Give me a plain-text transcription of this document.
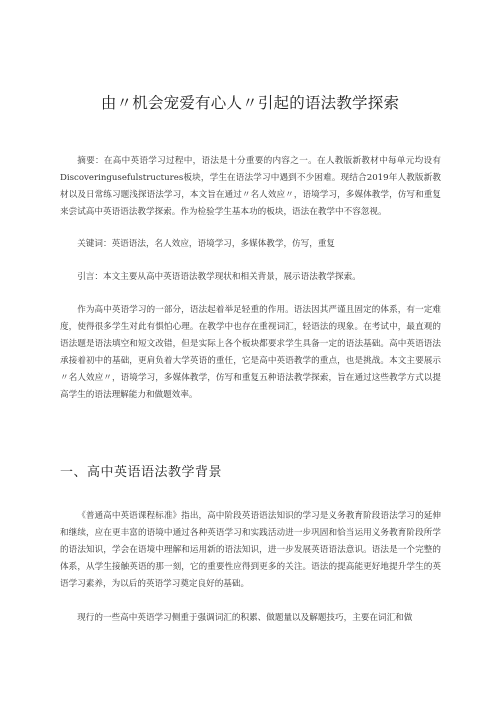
由〃机会宠爱有心人〃引起的语法教学探索
摘要：在高中英语学习过程中，语法是十分重要的内容之一。在人教版新教材中每单元均设有Discoveringusefulstructures板块，学生在语法学习中遇到不少困难。现结合2019年人教版新教材以及日常练习题浅探语法学习，本文旨在通过〃名人效应〃，语境学习，多媒体教学，仿写和重复来尝试高中英语语法教学探索。作为检验学生基本功的板块，语法在教学中不容忽视。
关键词：英语语法，名人效应，语境学习，多媒体教学，仿写，重复
引言：本文主要从高中英语语法教学现状和相关背景，展示语法教学探索。
作为高中英语学习的一部分，语法起着举足轻重的作用。语法因其严谨且固定的体系，有一定难度，使得很多学生对此有惧怕心理。在教学中也存在重视词汇，轻语法的现象。在考试中，最直观的语法题是语法填空和短文改错，但是实际上各个板块都要求学生具备一定的语法基础。高中英语语法承接着初中的基础，更肩负着大学英语的重任，它是高中英语教学的重点，也是挑战。本文主要展示〃名人效应〃，语境学习，多媒体教学，仿写和重复五种语法教学探索，旨在通过这些教学方式以提高学生的语法理解能力和做题效率。
一、高中英语语法教学背景
《普通高中英语课程标准》指出，高中阶段英语语法知识的学习是义务教育阶段语法学习的延伸和继续，应在更丰富的语境中通过各种英语学习和实践活动进一步巩固和恰当运用义务教育阶段所学的语法知识，学会在语境中理解和运用新的语法知识，进一步发展英语语法意识。语法是一个完整的体系，从学生接触英语的那一刻，它的重要性应得到更多的关注。语法的提高能更好地提升学生的英语学习素养，为以后的英语学习奠定良好的基础。
现行的一些高中英语学习侧重于强调词汇的积累、做题量以及解题技巧，主要在词汇和做
